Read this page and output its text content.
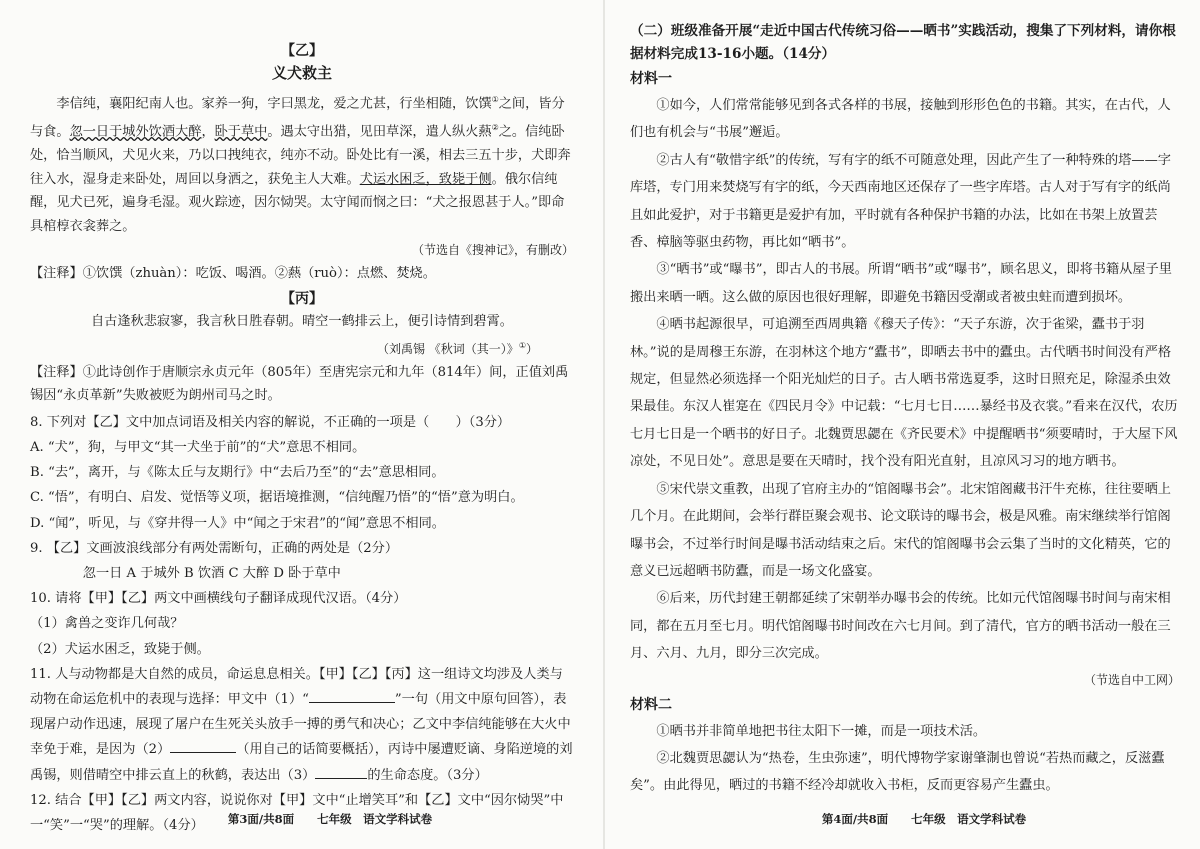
【乙】
义犬救主

李信纯，襄阳纪南人也。家养一狗，字曰黑龙，爱之尤甚，行坐相随，饮馔①之间，皆分与食。忽一日于城外饮酒大醉，卧于草中。遇太守出猎，见田草深，遣人纵火爇②之。信纯卧处，恰当顺风，犬见火来，乃以口拽纯衣，纯亦不动。卧处比有一溪，相去三五十步，犬即奔往入水，湿身走来卧处，周回以身洒之，获免主人大难。犬运水困乏，致毙于侧。俄尔信纯醒，见犬已死，遍身毛湿。观火踪迹，因尔恸哭。太守闻而悯之曰：“犬之报恩甚于人。”即命具棺椁衣衾葬之。

（节选自《搜神记》，有删改）

【注释】①饮馔（zhuàn）：吃饭、喝酒。②爇（ruò）：点燃、焚烧。

【丙】

自古逢秋悲寂寥，我言秋日胜春朝。晴空一鹤排云上，便引诗情到碧霄。

（刘禹锡 《秋词（其一）》①）

【注释】①此诗创作于唐顺宗永贞元年（805年）至唐宪宗元和九年（814年）间，正值刘禹锡因“永贞革新”失败被贬为朗州司马之时。

8. 下列对【乙】文中加点词语及相关内容的解说，不正确的一项是（　　）（3分）

A. “犬”，狗，与甲文“其一犬坐于前”的“犬”意思不相同。

B. “去”，离开，与《陈太丘与友期行》中“去后乃至”的“去”意思相同。

C. “悟”，有明白、启发、觉悟等义项，据语境推测，“信纯醒乃悟”的“悟”意为明白。

D. “闻”，听见，与《穿井得一人》中“闻之于宋君”的“闻”意思不相同。

9. 【乙】文画波浪线部分有两处需断句，正确的两处是（2分）

忽一日 A 于城外 B 饮酒 C 大醉 D 卧于草中

10. 请将【甲】【乙】两文中画横线句子翻译成现代汉语。（4分）

（1）禽兽之变诈几何哉？

（2）犬运水困乏，致毙于侧。

11. 人与动物都是大自然的成员，命运息息相关。【甲】【乙】【丙】这一组诗文均涉及人类与动物在命运危机中的表现与选择：甲文中（1）“	”一句（用文中原句回答），表现屠户动作迅速，展现了屠户在生死关头放手一搏的勇气和决心；乙文中李信纯能够在大火中幸免于难，是因为（2）	（用自己的话简要概括），丙诗中屡遭贬谪、身陷逆境的刘禹锡，则借晴空中排云直上的秋鹤，表达出（3）	的生命态度。（3分）

12. 结合【甲】【乙】两文内容，说说你对【甲】文中“止增笑耳”和【乙】文中“因尔恸哭”中一“笑”一“哭”的理解。（4分）	第3面/共8面　　七年级　语文学科试卷

（二）班级准备开展“走近中国古代传统习俗——晒书”实践活动，搜集了下列材料，请你根据材料完成13-16小题。（14分）

材料一

①如今，人们常常能够见到各式各样的书展，接触到形形色色的书籍。其实，在古代，人们也有机会与“书展”邂逅。

②古人有“敬惜字纸”的传统，写有字的纸不可随意处理，因此产生了一种特殊的塔——字库塔，专门用来焚烧写有字的纸，今天西南地区还保存了一些字库塔。古人对于写有字的纸尚且如此爱护，对于书籍更是爱护有加，平时就有各种保护书籍的办法，比如在书架上放置芸香、樟脑等驱虫药物，再比如“晒书”。

③“晒书”或“曝书”，即古人的书展。所谓“晒书”或“曝书”，顾名思义，即将书籍从屋子里搬出来晒一晒。这么做的原因也很好理解，即避免书籍因受潮或者被虫蛀而遭到损坏。

④晒书起源很早，可追溯至西周典籍《穆天子传》：“天子东游，次于雀梁，蠹书于羽林。”说的是周穆王东游，在羽林这个地方“蠹书”，即晒去书中的蠹虫。古代晒书时间没有严格规定，但显然必须选择一个阳光灿烂的日子。古人晒书常选夏季，这时日照充足，除湿杀虫效果最佳。东汉人崔寔在《四民月令》中记载：“七月七日……暴经书及衣裳。”看来在汉代，农历七月七日是一个晒书的好日子。北魏贾思勰在《齐民要术》中提醒晒书“须要晴时，于大屋下风凉处，不见日处”。意思是要在天晴时，找个没有阳光直射，且凉风习习的地方晒书。

⑤宋代崇文重教，出现了官府主办的“馆阁曝书会”。北宋馆阁藏书汗牛充栋，往往要晒上几个月。在此期间，会举行群臣聚会观书、论文联诗的曝书会，极是风雅。南宋继续举行馆阁曝书会，不过举行时间是曝书活动结束之后。宋代的馆阁曝书会云集了当时的文化精英，它的意义已远超晒书防蠹，而是一场文化盛宴。

⑥后来，历代封建王朝都延续了宋朝举办曝书会的传统。比如元代馆阁曝书时间与南宋相同，都在五月至七月。明代馆阁曝书时间改在六七月间。到了清代，官方的晒书活动一般在三月、六月、九月，即分三次完成。

（节选自中工网）

材料二

①晒书并非简单地把书往太阳下一摊，而是一项技术活。

②北魏贾思勰认为“热卷，生虫弥速”，明代博物学家谢肇淛也曾说“若热而藏之，反滋蠹矣”。由此得见，晒过的书籍不经冷却就收入书柜，反而更容易产生蠹虫。

第4面/共8面　　七年级　语文学科试卷
